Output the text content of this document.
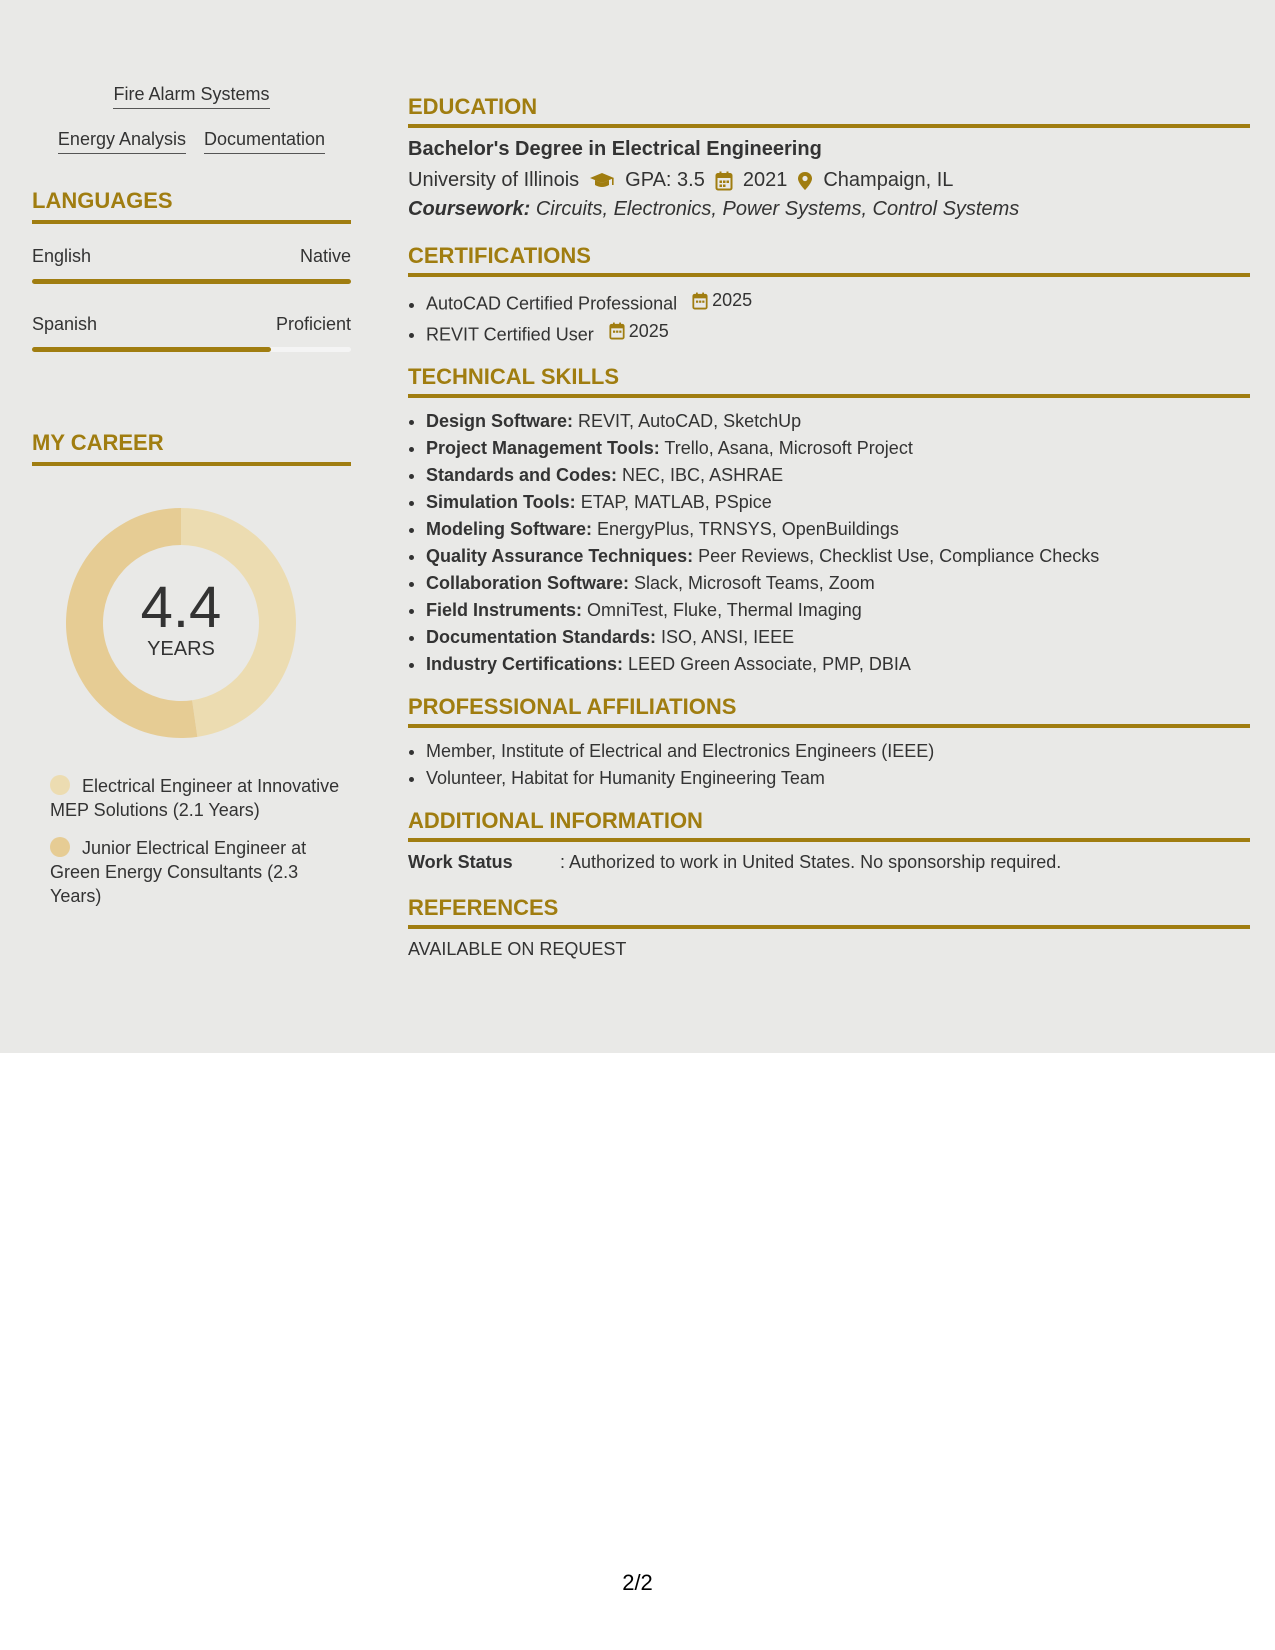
Fire Alarm Systems
Energy Analysis Documentation
LANGUAGES
English	Native
Spanish	Proficient
MY CAREER
4.4
YEARS
Electrical Engineer at Innovative MEP Solutions (2.1 Years)
Junior Electrical Engineer at Green Energy Consultants (2.3 Years)
EDUCATION
Bachelor's Degree in Electrical Engineering
University of Illinois GPA: 3.5 2021 Champaign, IL
Coursework: Circuits, Electronics, Power Systems, Control Systems
CERTIFICATIONS
• AutoCAD Certified Professional 2025
• REVIT Certified User 2025
TECHNICAL SKILLS
• Design Software: REVIT, AutoCAD, SketchUp
• Project Management Tools: Trello, Asana, Microsoft Project
• Standards and Codes: NEC, IBC, ASHRAE
• Simulation Tools: ETAP, MATLAB, PSpice
• Modeling Software: EnergyPlus, TRNSYS, OpenBuildings
• Quality Assurance Techniques: Peer Reviews, Checklist Use, Compliance Checks
• Collaboration Software: Slack, Microsoft Teams, Zoom
• Field Instruments: OmniTest, Fluke, Thermal Imaging
• Documentation Standards: ISO, ANSI, IEEE
• Industry Certifications: LEED Green Associate, PMP, DBIA
PROFESSIONAL AFFILIATIONS
• Member, Institute of Electrical and Electronics Engineers (IEEE)
• Volunteer, Habitat for Humanity Engineering Team
ADDITIONAL INFORMATION
Work Status	: Authorized to work in United States. No sponsorship required.
REFERENCES
AVAILABLE ON REQUEST
2/2
